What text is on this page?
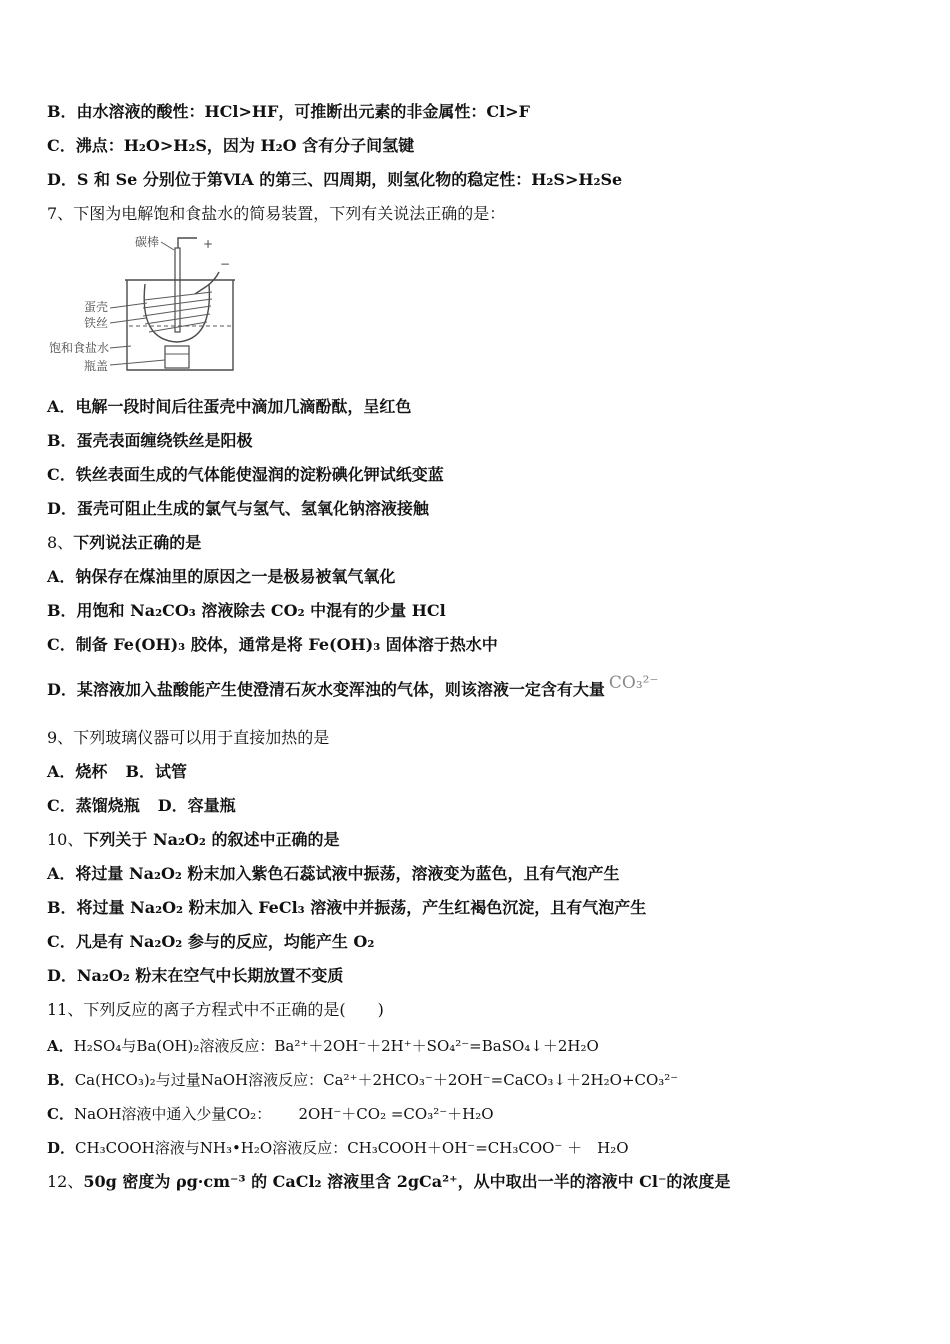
B．由水溶液的酸性：HCl>HF，可推断出元素的非金属性：Cl>F
C．沸点：H₂O>H₂S，因为 H₂O 含有分子间氢键
D．S 和 Se 分别位于第ⅥA 的第三、四周期，则氢化物的稳定性：H₂S>H₂Se
7、下图为电解饱和食盐水的简易装置，下列有关说法正确的是：
碳棒	+
−
蛋壳
铁丝
饱和食盐水
瓶盖
A．电解一段时间后往蛋壳中滴加几滴酚酞，呈红色
B．蛋壳表面缠绕铁丝是阳极
C．铁丝表面生成的气体能使湿润的淀粉碘化钾试纸变蓝
D．蛋壳可阻止生成的氯气与氢气、氢氧化钠溶液接触
8、下列说法正确的是
A．钠保存在煤油里的原因之一是极易被氧气氧化
B．用饱和 Na₂CO₃ 溶液除去 CO₂ 中混有的少量 HCl
C．制备 Fe(OH)₃ 胶体，通常是将 Fe(OH)₃ 固体溶于热水中
D．某溶液加入盐酸能产生使澄清石灰水变浑浊的气体，则该溶液一定含有大量 CO₃²⁻
9、下列玻璃仪器可以用于直接加热的是
A．烧杯 B．试管
C．蒸馏烧瓶 D．容量瓶
10、下列关于 Na₂O₂ 的叙述中正确的是
A．将过量 Na₂O₂ 粉末加入紫色石蕊试液中振荡，溶液变为蓝色，且有气泡产生
B．将过量 Na₂O₂ 粉末加入 FeCl₃ 溶液中并振荡，产生红褐色沉淀，且有气泡产生
C．凡是有 Na₂O₂ 参与的反应，均能产生 O₂
D．Na₂O₂ 粉末在空气中长期放置不变质
11、下列反应的离子方程式中不正确的是(　　)
A．H₂SO₄与Ba(OH)₂溶液反应：Ba²⁺＋2OH⁻＋2H⁺＋SO₄²⁻=BaSO₄↓＋2H₂O
B．Ca(HCO₃)₂与过量NaOH溶液反应：Ca²⁺＋2HCO₃⁻＋2OH⁻=CaCO₃↓＋2H₂O+CO₃²⁻
C．NaOH溶液中通入少量CO₂：　　 2OH⁻＋CO₂ =CO₃²⁻＋H₂O
D．CH₃COOH溶液与NH₃•H₂O溶液反应：CH₃COOH＋OH⁻=CH₃COO⁻ ＋　H₂O
12、50g 密度为 ρg·cm⁻³ 的 CaCl₂ 溶液里含 2gCa²⁺，从中取出一半的溶液中 Cl⁻的浓度是
